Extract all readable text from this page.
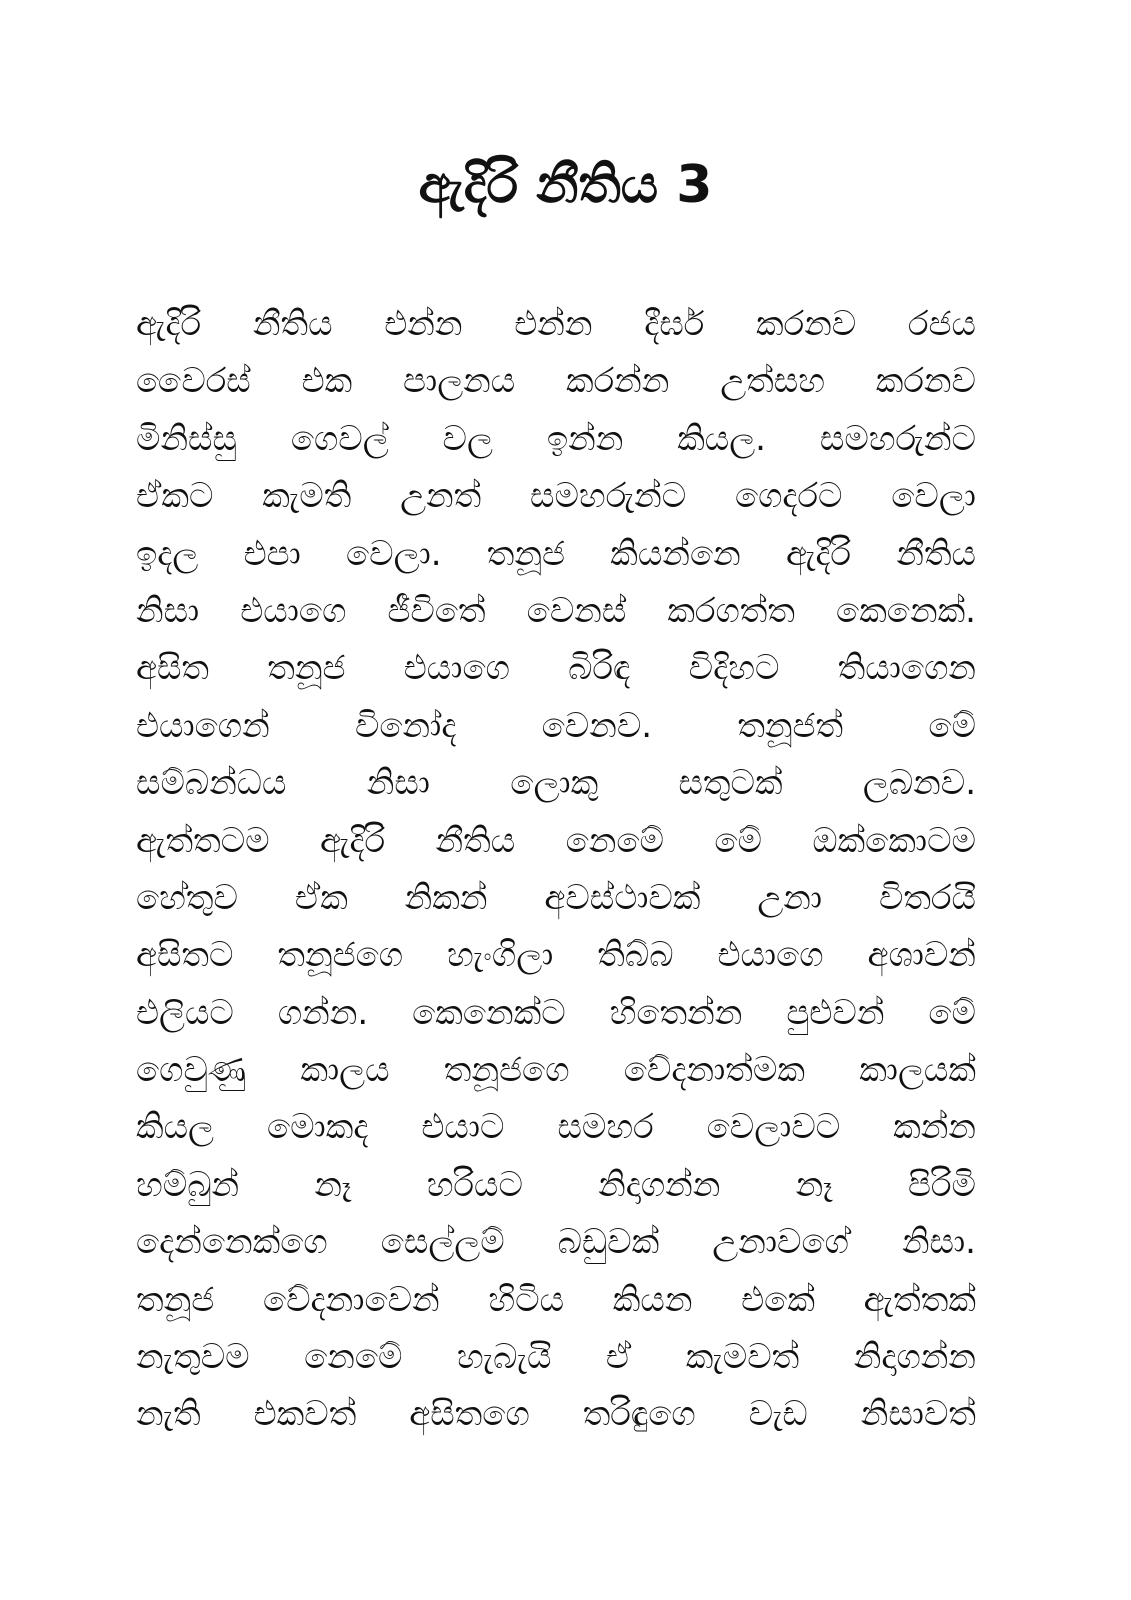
ඇදිරි නීතිය 3
ඇදිරි නීතිය එන්න එන්න දීර්ඝ කරනව රජය
වෛරස් එක පාලනය කරන්න උත්සහ කරනව
මිනිස්සු ගෙවල් වල ඉන්න කියල. සමහරුන්ට
ඒකට කැමති උනත් සමහරුන්ට ගෙදරට වෙලා
ඉදල එපා වෙලා. තනූජ කියන්නෙ ඇදිරි නීතිය
නිසා එයාගෙ ජීවිතේ වෙනස් කරගත්ත කෙනෙක්.
අසිත තනූජ එයාගෙ බිරිඳ විදිහට තියාගෙන
එයාගෙන් විනෝද වෙනව. තනූජත් මේ
සම්බන්ධය නිසා ලොකු සතුටක් ලබනව.
ඇත්තටම ඇදිරි නීතිය නෙමේ මේ ඔක්කොටම
හේතුව ඒක නිකන් අවස්ථාවක් උනා විතරයි
අසිතට තනූජගෙ හැංගිලා තිබ්බ එයාගෙ අශාවන්
එලියට ගන්න. කෙනෙක්ට හිතෙන්න පුළුවන් මේ
ගෙවුණු කාලය තනූජගෙ වේදනාත්මක කාලයක්
කියල මොකද එයාට සමහර වෙලාවට කන්න
හම්බුන් නෑ හරියට නිදාගන්න නෑ පිරිමි
දෙන්නෙක්ගෙ සෙල්ලම් බඩුවක් උනාවගේ නිසා.
තනූජ වේදනාවෙන් හිටිය කියන එකේ ඇත්තක්
නැතුවම නෙමේ හැබැයි ඒ කැමවත් නිදාගන්න
නැති එකවත් අසිතගෙ තරිඳුගෙ වැඩ නිසාවත්
